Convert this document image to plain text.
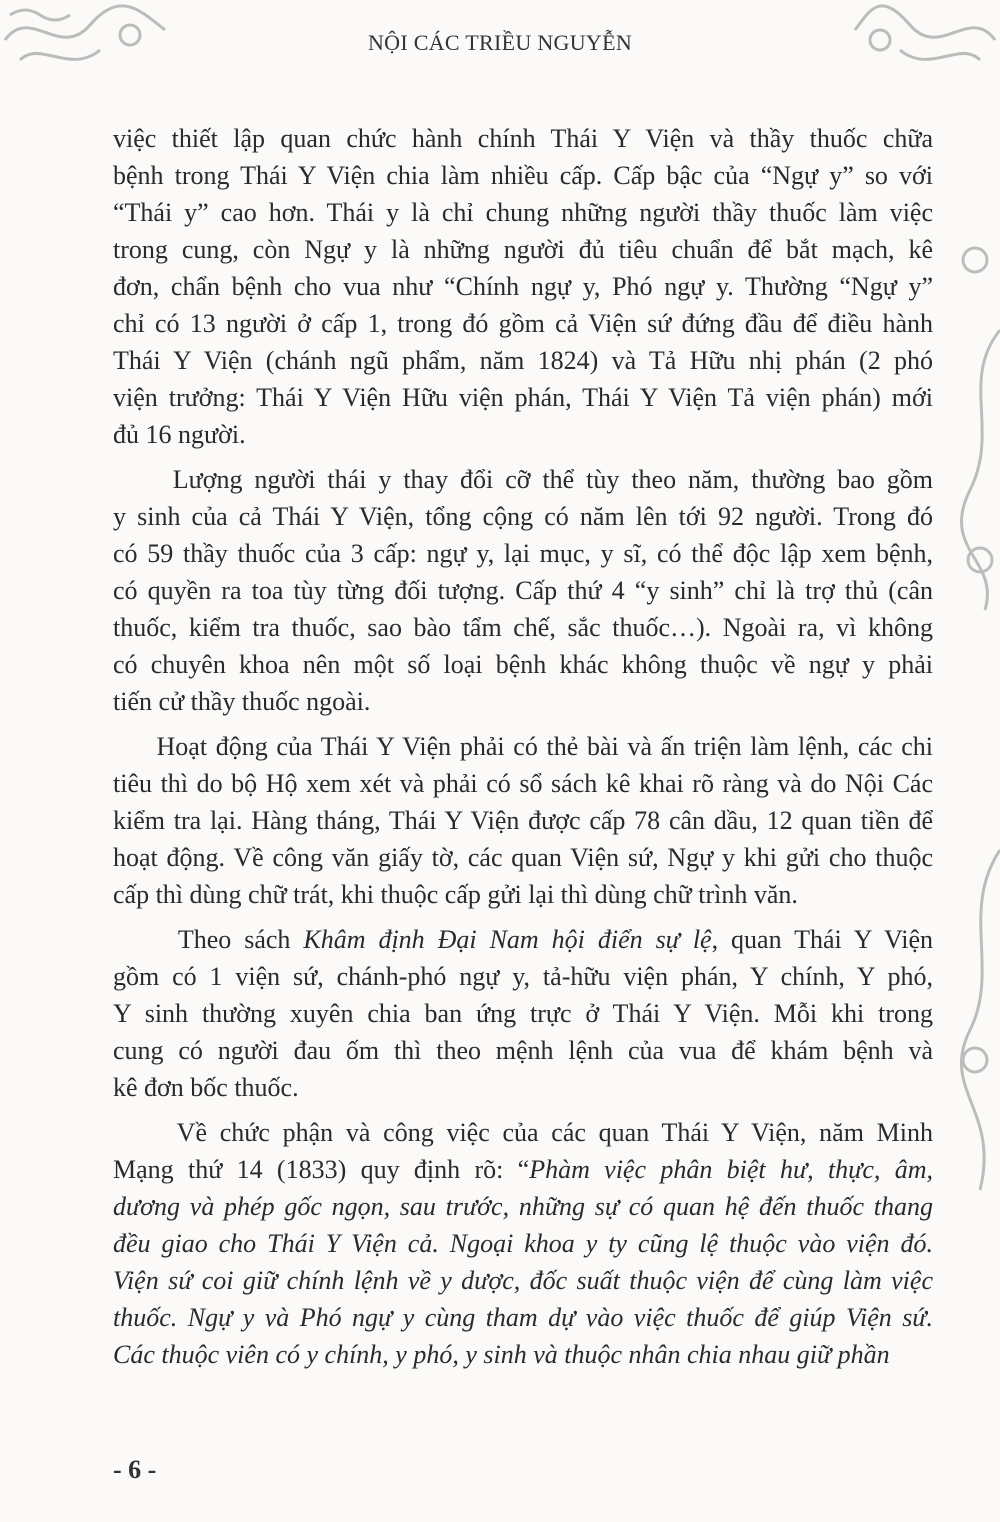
NỘI CÁC TRIỀU NGUYỄN
việc thiết lập quan chức hành chính Thái Y Viện và thầy thuốc chữa
bệnh trong Thái Y Viện chia làm nhiều cấp. Cấp bậc của “Ngự y” so với
“Thái y” cao hơn. Thái y là chỉ chung những người thầy thuốc làm việc
trong cung, còn Ngự y là những người đủ tiêu chuẩn để bắt mạch, kê
đơn, chẩn bệnh cho vua như “Chính ngự y, Phó ngự y. Thường “Ngự y”
chỉ có 13 người ở cấp 1, trong đó gồm cả Viện sứ đứng đầu để điều hành
Thái Y Viện (chánh ngũ phẩm, năm 1824) và Tả Hữu nhị phán (2 phó
viện trưởng: Thái Y Viện Hữu viện phán, Thái Y Viện Tả viện phán) mới
đủ 16 người.
Lượng người thái y thay đổi cỡ thể tùy theo năm, thường bao gồm
y sinh của cả Thái Y Viện, tổng cộng có năm lên tới 92 người. Trong đó
có 59 thầy thuốc của 3 cấp: ngự y, lại mục, y sĩ, có thể độc lập xem bệnh,
có quyền ra toa tùy từng đối tượng. Cấp thứ 4 “y sinh” chỉ là trợ thủ (cân
thuốc, kiểm tra thuốc, sao bào tẩm chế, sắc thuốc…). Ngoài ra, vì không
có chuyên khoa nên một số loại bệnh khác không thuộc về ngự y phải
tiến cử thầy thuốc ngoài.
Hoạt động của Thái Y Viện phải có thẻ bài và ấn triện làm lệnh, các chi
tiêu thì do bộ Hộ xem xét và phải có sổ sách kê khai rõ ràng và do Nội Các
kiểm tra lại. Hàng tháng, Thái Y Viện được cấp 78 cân dầu, 12 quan tiền để
hoạt động. Về công văn giấy tờ, các quan Viện sứ, Ngự y khi gửi cho thuộc
cấp thì dùng chữ trát, khi thuộc cấp gửi lại thì dùng chữ trình văn.
Theo sách Khâm định Đại Nam hội điển sự lệ, quan Thái Y Viện
gồm có 1 viện sứ, chánh-phó ngự y, tả-hữu viện phán, Y chính, Y phó,
Y sinh thường xuyên chia ban ứng trực ở Thái Y Viện. Mỗi khi trong
cung có người đau ốm thì theo mệnh lệnh của vua để khám bệnh và
kê đơn bốc thuốc.
Về chức phận và công việc của các quan Thái Y Viện, năm Minh
Mạng thứ 14 (1833) quy định rõ: “Phàm việc phân biệt hư, thực, âm,
dương và phép gốc ngọn, sau trước, những sự có quan hệ đến thuốc thang
đều giao cho Thái Y Viện cả. Ngoại khoa y ty cũng lệ thuộc vào viện đó.
Viện sứ coi giữ chính lệnh về y dược, đốc suất thuộc viện để cùng làm việc
thuốc. Ngự y và Phó ngự y cùng tham dự vào việc thuốc để giúp Viện sứ.
Các thuộc viên có y chính, y phó, y sinh và thuộc nhân chia nhau giữ phần
- 6 -
